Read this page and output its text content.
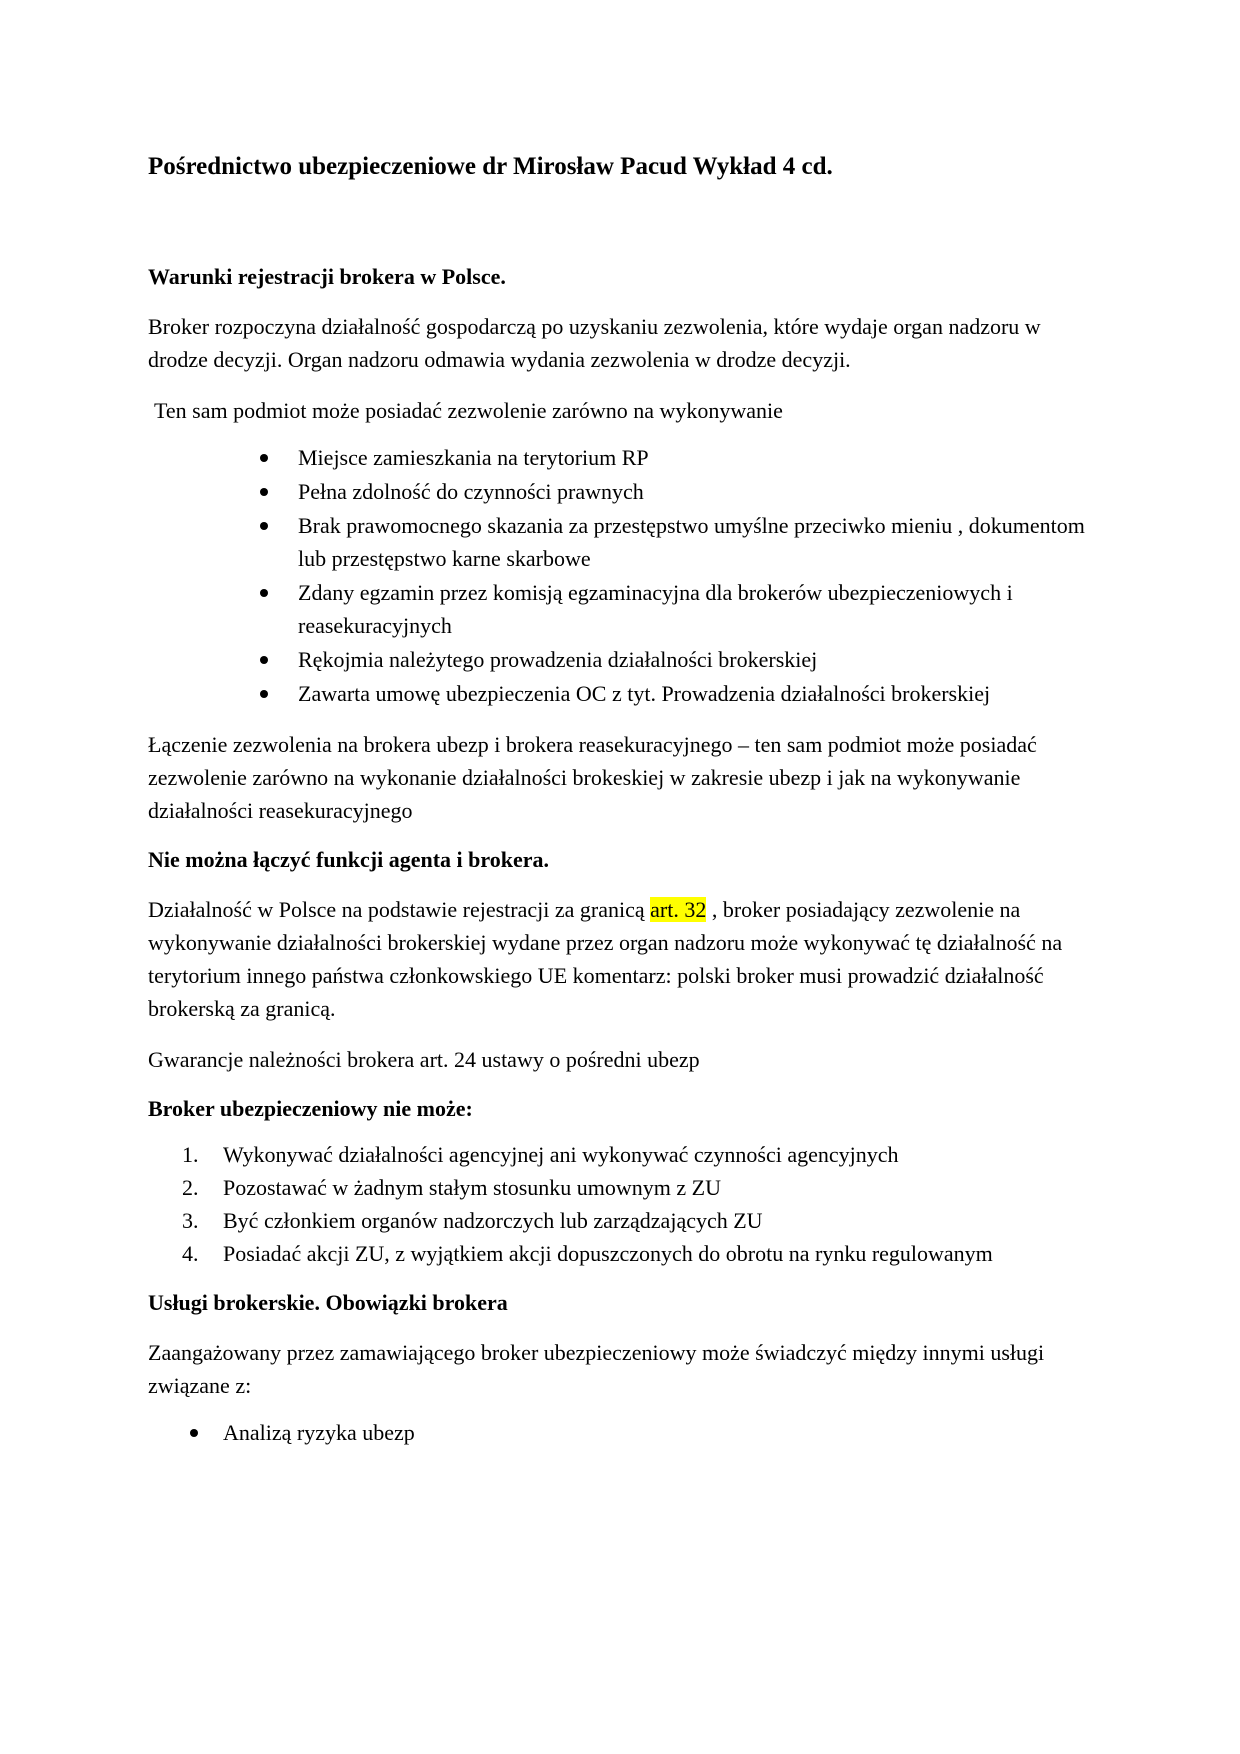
Pośrednictwo ubezpieczeniowe dr Mirosław Pacud Wykład 4 cd.
Warunki rejestracji brokera w Polsce.

Broker rozpoczyna działalność gospodarczą po uzyskaniu zezwolenia, które wydaje organ nadzoru w drodze decyzji. Organ nadzoru odmawia wydania zezwolenia w drodze decyzji.

Ten sam podmiot może posiadać zezwolenie zarówno na wykonywanie

Miejsce zamieszkania na terytorium RP
Pełna zdolność do czynności prawnych
Brak prawomocnego skazania za przestępstwo umyślne przeciwko mieniu , dokumentom lub przestępstwo karne skarbowe
Zdany egzamin przez komisją egzaminacyjna dla brokerów ubezpieczeniowych i reasekuracyjnych
Rękojmia należytego prowadzenia działalności brokerskiej
Zawarta umowę ubezpieczenia OC z tyt. Prowadzenia działalności brokerskiej

Łączenie zezwolenia na brokera ubezp i brokera reasekuracyjnego – ten sam podmiot może posiadać zezwolenie zarówno na wykonanie działalności brokeskiej w zakresie ubezp i jak na wykonywanie działalności reasekuracyjnego

Nie można łączyć funkcji agenta i brokera.

Działalność w Polsce na podstawie rejestracji za granicą art. 32 , broker posiadający zezwolenie na wykonywanie działalności brokerskiej wydane przez organ nadzoru może wykonywać tę działalność na terytorium innego państwa członkowskiego UE komentarz: polski broker musi prowadzić działalność brokerską za granicą.

Gwarancje należności brokera art. 24 ustawy o pośredni ubezp

Broker ubezpieczeniowy nie może:
1. Wykonywać działalności agencyjnej ani wykonywać czynności agencyjnych
2. Pozostawać w żadnym stałym stosunku umownym z ZU
3. Być członkiem organów nadzorczych lub zarządzających ZU
4. Posiadać akcji ZU, z wyjątkiem akcji dopuszczonych do obrotu na rynku regulowanym
Usługi brokerskie. Obowiązki brokera

Zaangażowany przez zamawiającego broker ubezpieczeniowy może świadczyć między innymi usługi związane z:

Analizą ryzyka ubezp
